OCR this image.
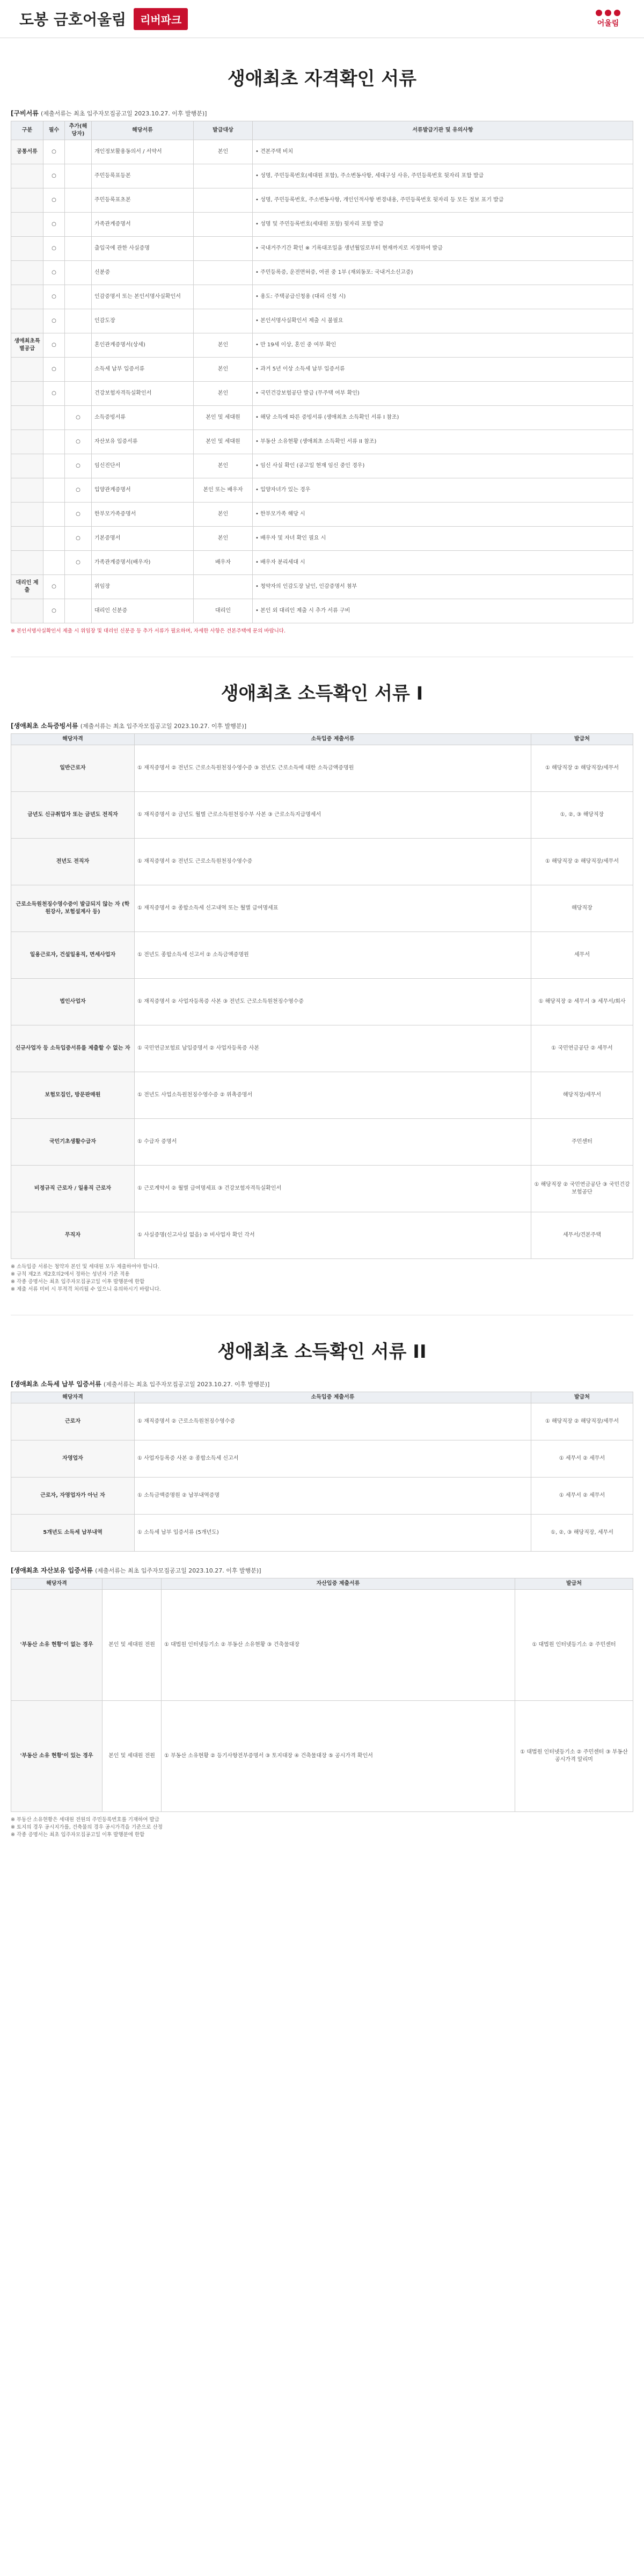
도봉 금호어울림	리버파크	어울림
생애최초 자격확인 서류
[구비서류 (제출서류는 최초 입주자모집공고일 2023.10.27. 이후 발행분)]
구분	필수	추가(해당자)	해당서류	발급대상	서류발급기관 및 유의사항
공통서류	○		개인정보활용동의서 / 서약서	본인	• 견본주택 비치
	○		주민등록표등본		• 성명, 주민등록번호(세대원 포함), 주소변동사항, 세대구성 사유, 주민등록번호 뒷자리 포함 발급
	○		주민등록표초본		• 성명, 주민등록번호, 주소변동사항, 개인인적사항 변경내용, 주민등록번호 뒷자리 등 모든 정보 표기 발급
	○		가족관계증명서		• 성명 및 주민등록번호(세대원 포함) 뒷자리 포함 발급
	○		출입국에 관한 사실증명		• 국내거주기간 확인 ※ 기록대조일을 생년월일로부터 현재까지로 지정하여 발급
	○		신분증		• 주민등록증, 운전면허증, 여권 중 1부 (재외동포: 국내거소신고증)
	○		인감증명서 또는 본인서명사실확인서		• 용도: 주택공급신청용 (대리 신청 시)
	○		인감도장		• 본인서명사실확인서 제출 시 불필요
생애최초특별공급	○		혼인관계증명서(상세)	본인	• 만 19세 이상, 혼인 중 여부 확인
	○		소득세 납부 입증서류	본인	• 과거 5년 이상 소득세 납부 입증서류
	○		건강보험자격득실확인서	본인	• 국민건강보험공단 발급 (무주택 여부 확인)
		○	소득증빙서류	본인 및 세대원	• 해당 소득에 따른 증빙서류 (생애최초 소득확인 서류 I 참조)
		○	자산보유 입증서류	본인 및 세대원	• 부동산 소유현황 (생애최초 소득확인 서류 II 참조)
		○	임신진단서	본인	• 임신 사실 확인 (공고일 현재 임신 중인 경우)
		○	입양관계증명서	본인 또는 배우자	• 입양자녀가 있는 경우
		○	한부모가족증명서	본인	• 한부모가족 해당 시
		○	기본증명서	본인	• 배우자 및 자녀 확인 필요 시
		○	가족관계증명서(배우자)	배우자	• 배우자 분리세대 시
대리인 제출	○		위임장		• 청약자의 인감도장 날인, 인감증명서 첨부
	○		대리인 신분증	대리인	• 본인 외 대리인 제출 시 추가 서류 구비
※ 본인서명사실확인서 제출 시 위임장 및 대리인 신분증 등 추가 서류가 필요하며, 자세한 사항은 견본주택에 문의 바랍니다.
생애최초 소득확인 서류 I
[생애최초 소득증빙서류 (제출서류는 최초 입주자모집공고일 2023.10.27. 이후 발행분)]
해당자격	소득입증 제출서류	발급처
일반근로자	① 재직증명서 ② 전년도 근로소득원천징수영수증 ③ 전년도 근로소득에 대한 소득금액증명원	① 해당직장 ② 해당직장/세무서
금년도 신규취업자 또는 금년도 전직자	① 재직증명서 ② 금년도 월별 근로소득원천징수부 사본 ③ 근로소득지급명세서	①, ②, ③ 해당직장
전년도 전직자	① 재직증명서 ② 전년도 근로소득원천징수영수증	① 해당직장 ② 해당직장/세무서
근로소득원천징수영수증이 발급되지 않는 자 (학원강사, 보험설계사 등)	① 재직증명서 ② 종합소득세 신고내역 또는 월별 급여명세표	해당직장
일용근로자, 건설일용직, 면세사업자	① 전년도 종합소득세 신고서 ② 소득금액증명원	세무서
법인사업자	① 재직증명서 ② 사업자등록증 사본 ③ 전년도 근로소득원천징수영수증	① 해당직장 ② 세무서 ③ 세무서/회사
신규사업자 등 소득입증서류를 제출할 수 없는 자	① 국민연금보험료 납입증명서 ② 사업자등록증 사본	① 국민연금공단 ② 세무서
보험모집인, 방문판매원	① 전년도 사업소득원천징수영수증 ② 위촉증명서	해당직장/세무서
국민기초생활수급자	① 수급자 증명서	주민센터
비정규직 근로자 / 일용직 근로자	① 근로계약서 ② 월별 급여명세표 ③ 건강보험자격득실확인서	① 해당직장 ② 국민연금공단 ③ 국민건강보험공단
무직자	① 사실증명(신고사실 없음) ② 비사업자 확인 각서	세무서/견본주택
※ 소득입증 서류는 청약자 본인 및 세대원 모두 제출하여야 합니다.
※ 규칙 제2조 제2호의2에서 정하는 성년자 기준 적용
※ 각종 증명서는 최초 입주자모집공고일 이후 발행분에 한함
※ 제출 서류 미비 시 부적격 처리될 수 있으니 유의하시기 바랍니다.
생애최초 소득확인 서류 II
[생애최초 소득세 납부 입증서류 (제출서류는 최초 입주자모집공고일 2023.10.27. 이후 발행분)]
해당자격	소득입증 제출서류	발급처
근로자	① 재직증명서 ② 근로소득원천징수영수증	① 해당직장 ② 해당직장/세무서
자영업자	① 사업자등록증 사본 ② 종합소득세 신고서	① 세무서 ② 세무서
근로자, 자영업자가 아닌 자	① 소득금액증명원 ② 납부내역증명	① 세무서 ② 세무서
5개년도 소득세 납부내역	① 소득세 납부 입증서류 (5개년도)	①, ②, ③ 해당직장, 세무서
[생애최초 자산보유 입증서류 (제출서류는 최초 입주자모집공고일 2023.10.27. 이후 발행분)]
해당자격		자산입증 제출서류	발급처
'부동산 소유 현황'이 없는 경우	본인 및 세대원 전원	① 대법원 인터넷등기소 ② 부동산 소유현황 ③ 건축물대장	① 대법원 인터넷등기소 ② 주민센터
'부동산 소유 현황'이 있는 경우	본인 및 세대원 전원	① 부동산 소유현황 ② 등기사항전부증명서 ③ 토지대장 ④ 건축물대장 ⑤ 공시가격 확인서	① 대법원 인터넷등기소 ② 주민센터 ③ 부동산 공시가격 알리미
※ 부동산 소유현황은 세대원 전원의 주민등록번호를 기재하여 발급
※ 토지의 경우 공시지가를, 건축물의 경우 공시가격을 기준으로 산정
※ 각종 증명서는 최초 입주자모집공고일 이후 발행분에 한함
